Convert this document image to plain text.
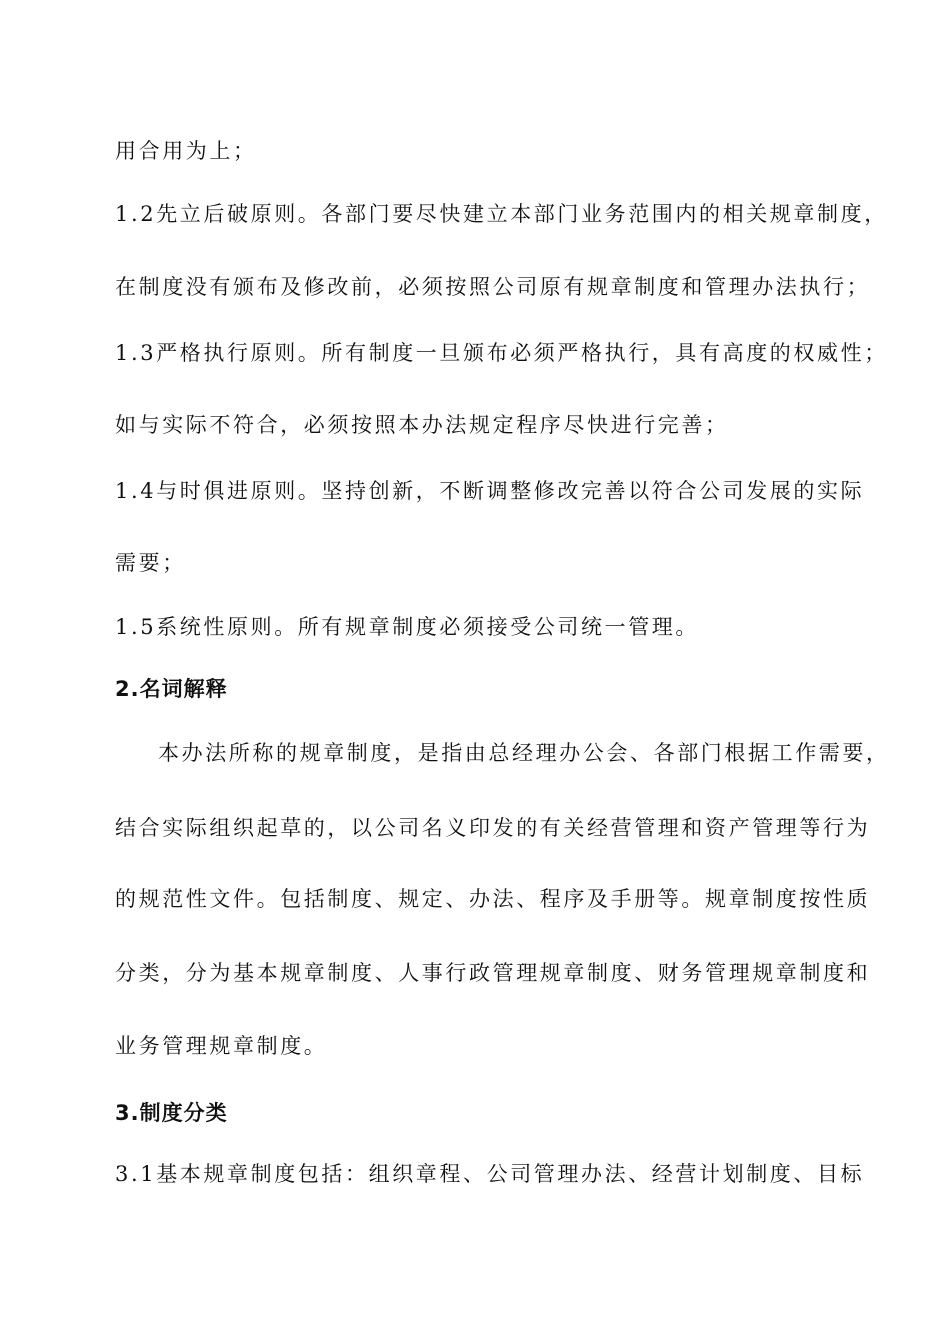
用合用为上；
1.2先立后破原则。各部门要尽快建立本部门业务范围内的相关规章制度，
在制度没有颁布及修改前，必须按照公司原有规章制度和管理办法执行；
1.3严格执行原则。所有制度一旦颁布必须严格执行，具有高度的权威性；
如与实际不符合，必须按照本办法规定程序尽快进行完善；
1.4与时俱进原则。坚持创新，不断调整修改完善以符合公司发展的实际
需要；
1.5系统性原则。所有规章制度必须接受公司统一管理。
2.名词解释
本办法所称的规章制度，是指由总经理办公会、各部门根据工作需要，
结合实际组织起草的，以公司名义印发的有关经营管理和资产管理等行为
的规范性文件。包括制度、规定、办法、程序及手册等。规章制度按性质
分类，分为基本规章制度、人事行政管理规章制度、财务管理规章制度和
业务管理规章制度。
3.制度分类
3.1基本规章制度包括：组织章程、公司管理办法、经营计划制度、目标
